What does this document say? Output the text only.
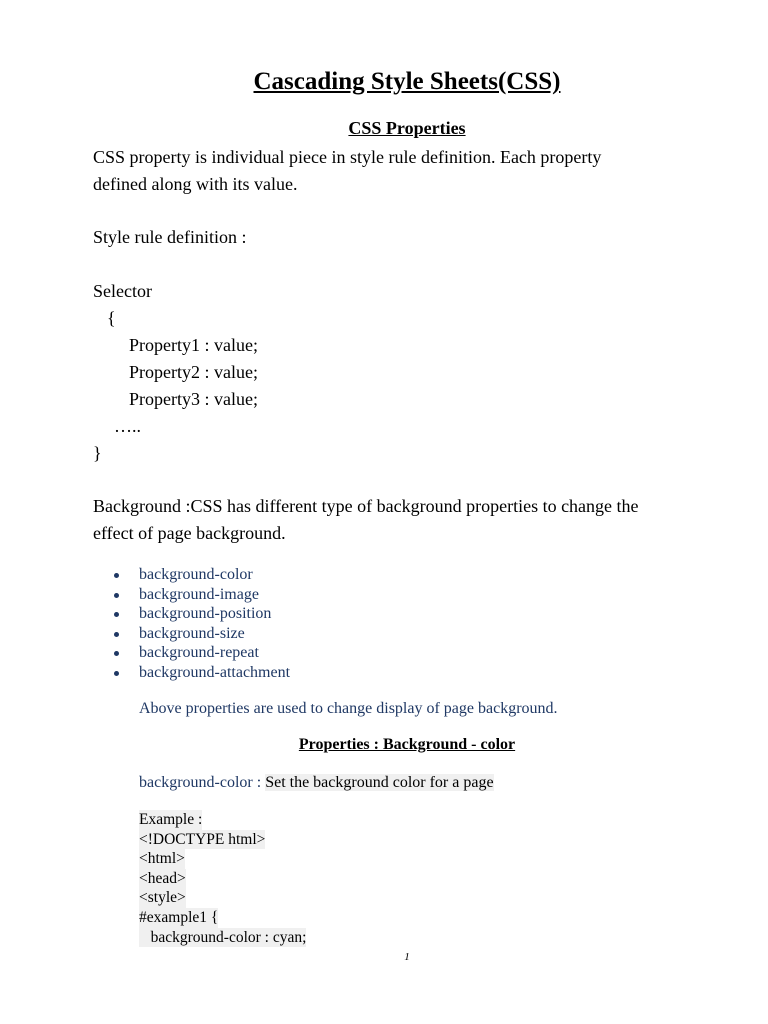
Cascading Style Sheets(CSS)
CSS Properties
CSS property is individual piece in style rule definition. Each property
defined along with its value.
Style rule definition :
Selector
{
Property1 : value;
Property2 : value;
Property3 : value;
…..
}
Background :CSS has different type of background properties to change the
effect of page background.
background-color
background-image
background-position
background-size
background-repeat
background-attachment
Above properties are used to change display of page background.
Properties : Background - color
background-color : Set the background color for a page
Example :
<!DOCTYPE html>
<html>
<head>
<style>
#example1 {
background-color : cyan;
1
